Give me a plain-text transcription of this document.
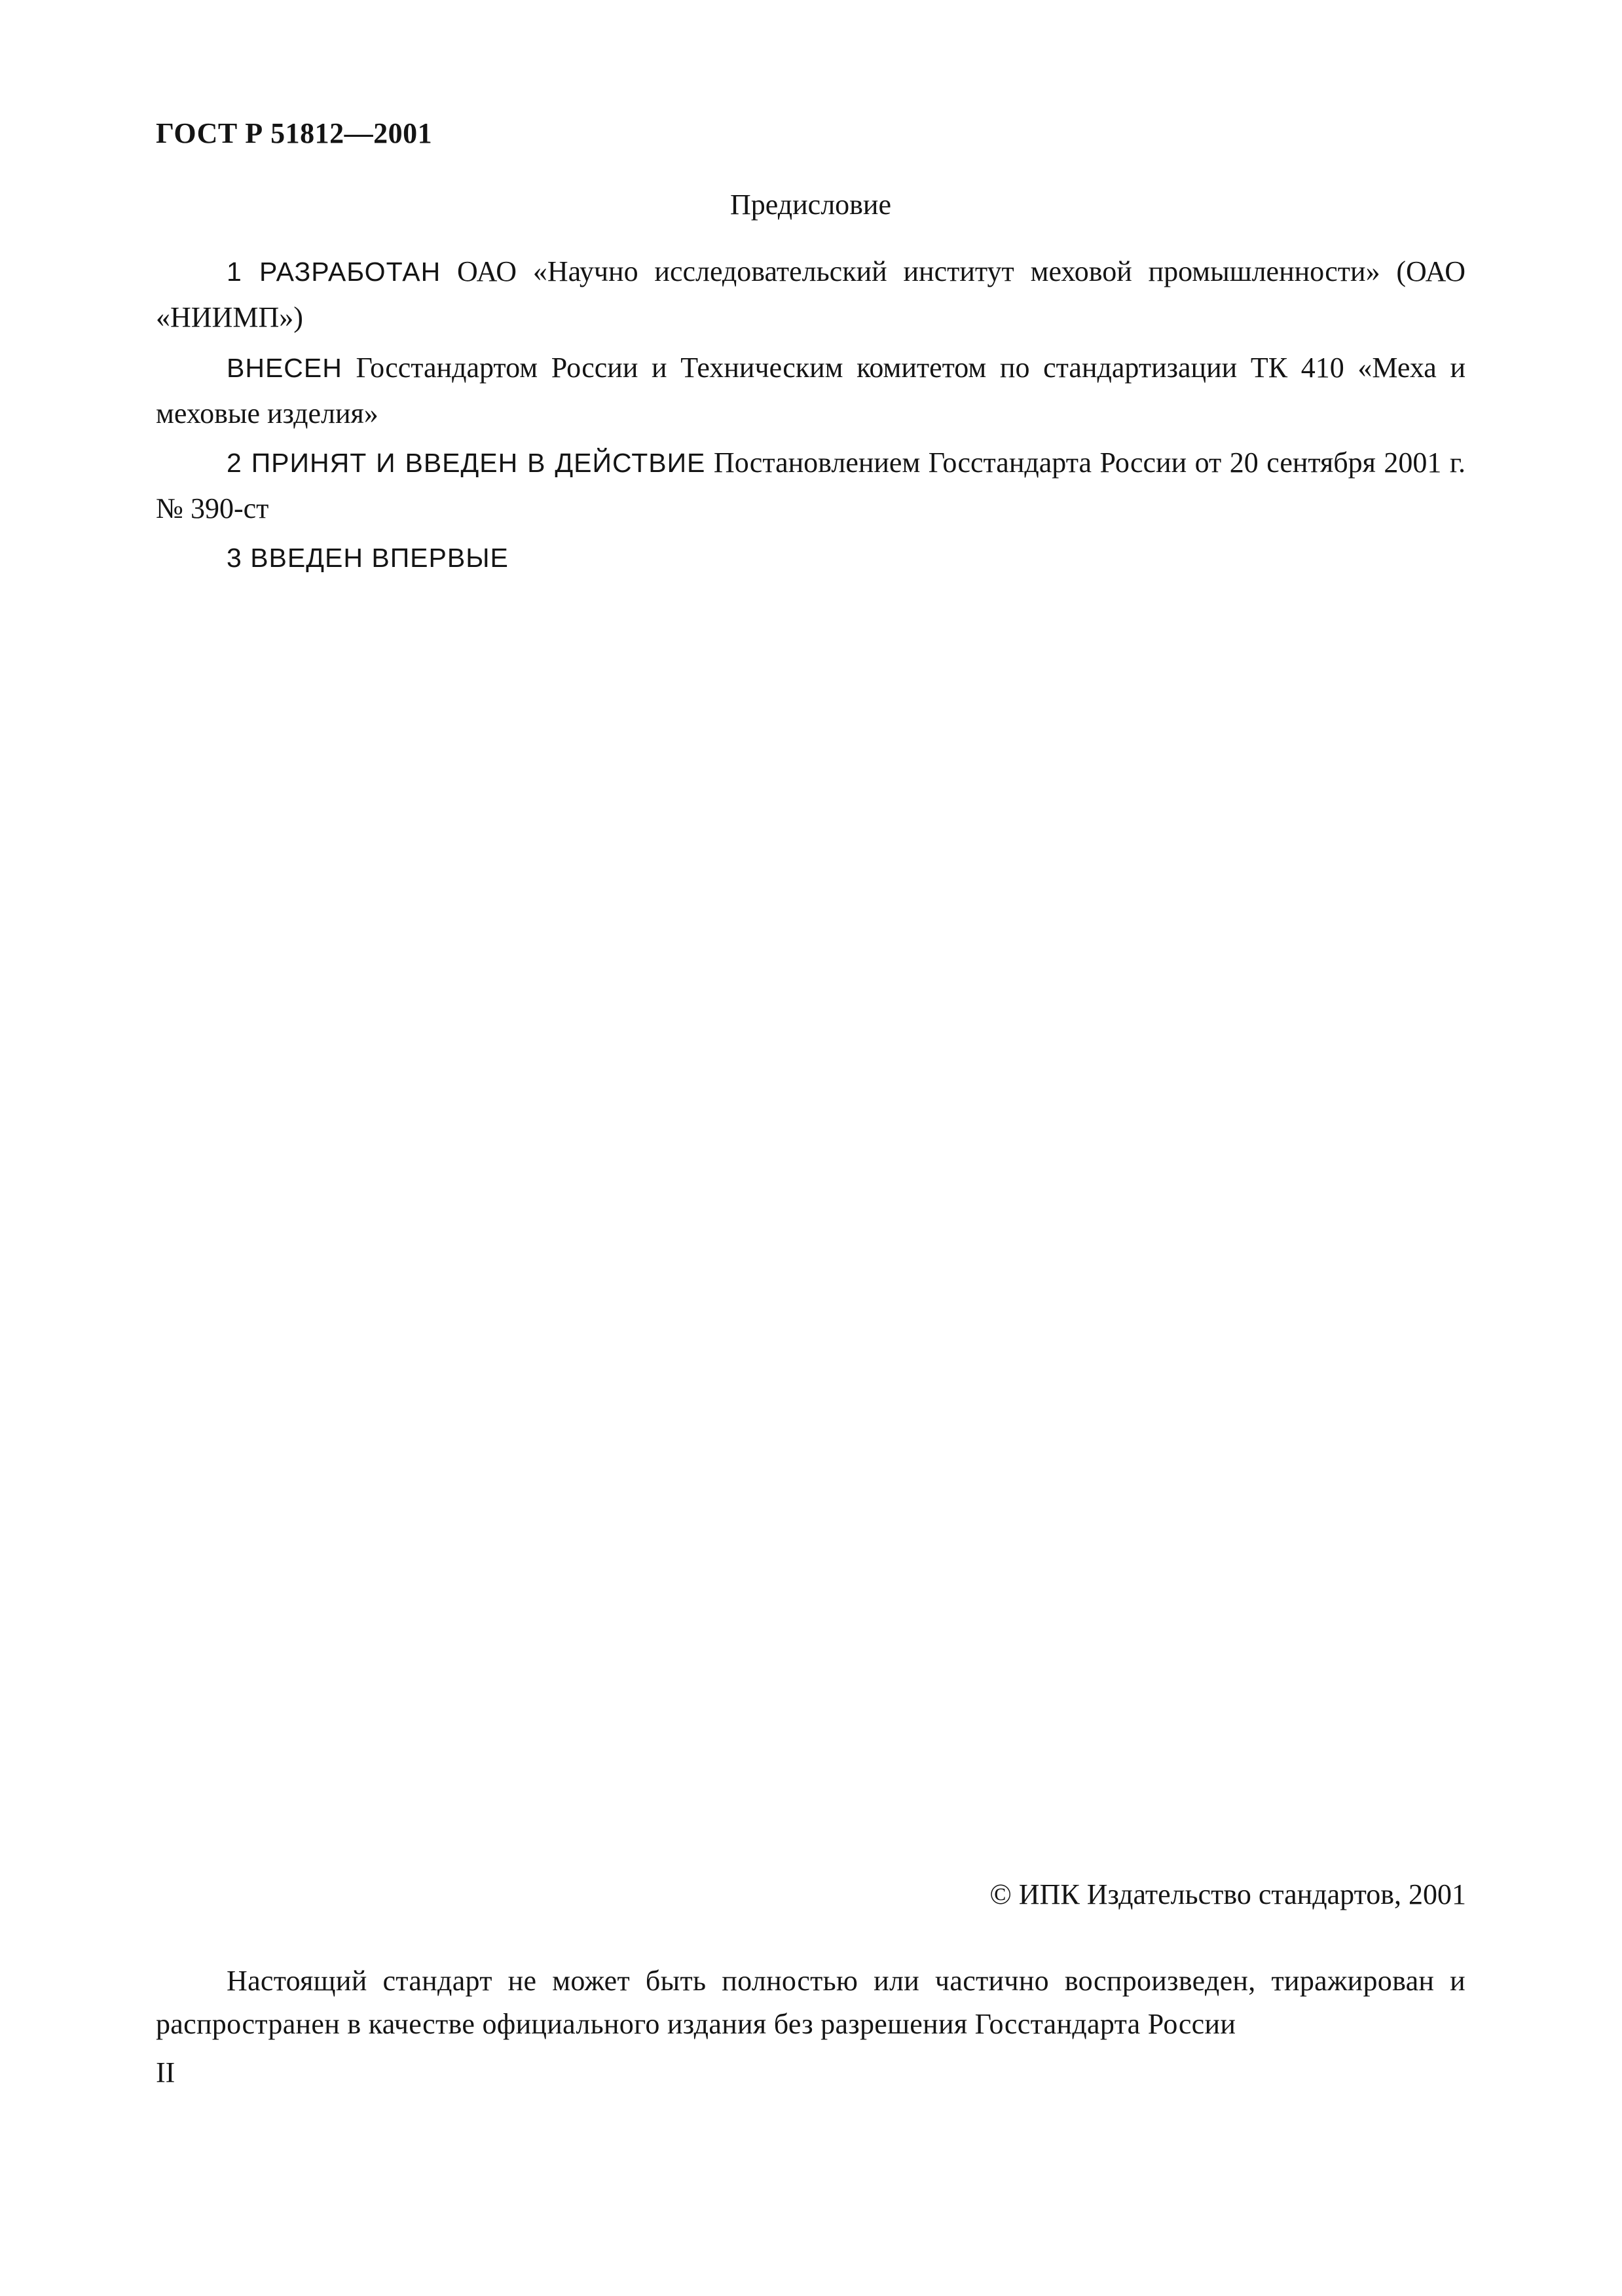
ГОСТ Р 51812—2001
Предисловие
1 РАЗРАБОТАН ОАО «Научно исследовательский институт меховой промышленности» (ОАО «НИИМП»)
ВНЕСЕН Госстандартом России и Техническим комитетом по стандартизации ТК 410 «Меха и меховые изделия»
2 ПРИНЯТ И ВВЕДЕН В ДЕЙСТВИЕ Постановлением Госстандарта России от 20 сентября 2001 г. № 390-ст
3 ВВЕДЕН ВПЕРВЫЕ
© ИПК Издательство стандартов, 2001
Настоящий стандарт не может быть полностью или частично воспроизведен, тиражирован и распространен в качестве официального издания без разрешения Госстандарта России
II
